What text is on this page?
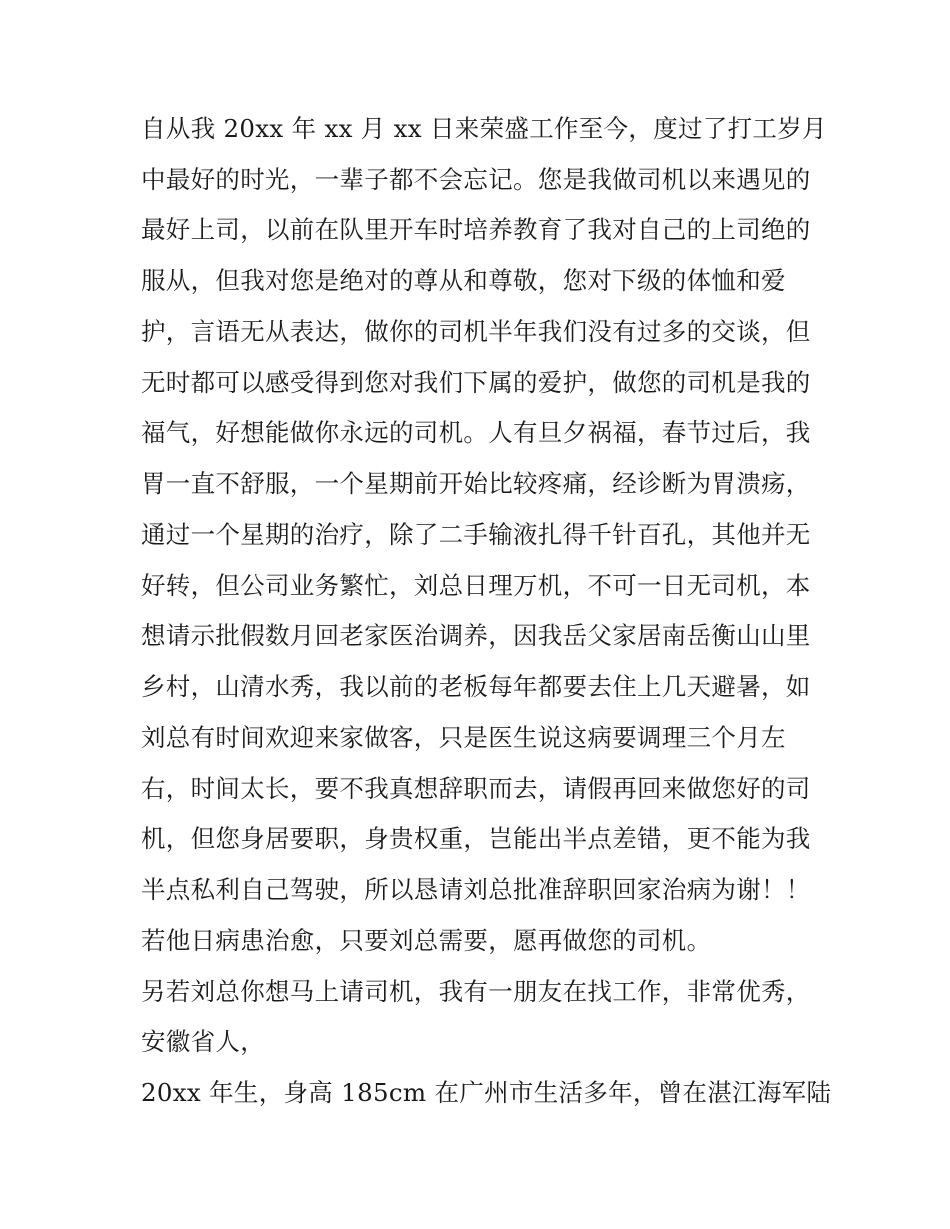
自从我 20xx 年 xx 月 xx 日来荣盛工作至今，度过了打工岁月
中最好的时光，一辈子都不会忘记。您是我做司机以来遇见的
最好上司，以前在队里开车时培养教育了我对自己的上司绝的
服从，但我对您是绝对的尊从和尊敬，您对下级的体恤和爱
护，言语无从表达，做你的司机半年我们没有过多的交谈，但
无时都可以感受得到您对我们下属的爱护，做您的司机是我的
福气，好想能做你永远的司机。人有旦夕祸福，春节过后，我
胃一直不舒服，一个星期前开始比较疼痛，经诊断为胃溃疡，
通过一个星期的治疗，除了二手输液扎得千针百孔，其他并无
好转，但公司业务繁忙，刘总日理万机，不可一日无司机，本
想请示批假数月回老家医治调养，因我岳父家居南岳衡山山里
乡村，山清水秀，我以前的老板每年都要去住上几天避暑，如
刘总有时间欢迎来家做客，只是医生说这病要调理三个月左
右，时间太长，要不我真想辞职而去，请假再回来做您好的司
机，但您身居要职，身贵权重，岂能出半点差错，更不能为我
半点私利自己驾驶，所以恳请刘总批准辞职回家治病为谢！！
若他日病患治愈，只要刘总需要，愿再做您的司机。
另若刘总你想马上请司机，我有一朋友在找工作，非常优秀，
安徽省人，
20xx 年生，身高 185cm 在广州市生活多年，曾在湛江海军陆
